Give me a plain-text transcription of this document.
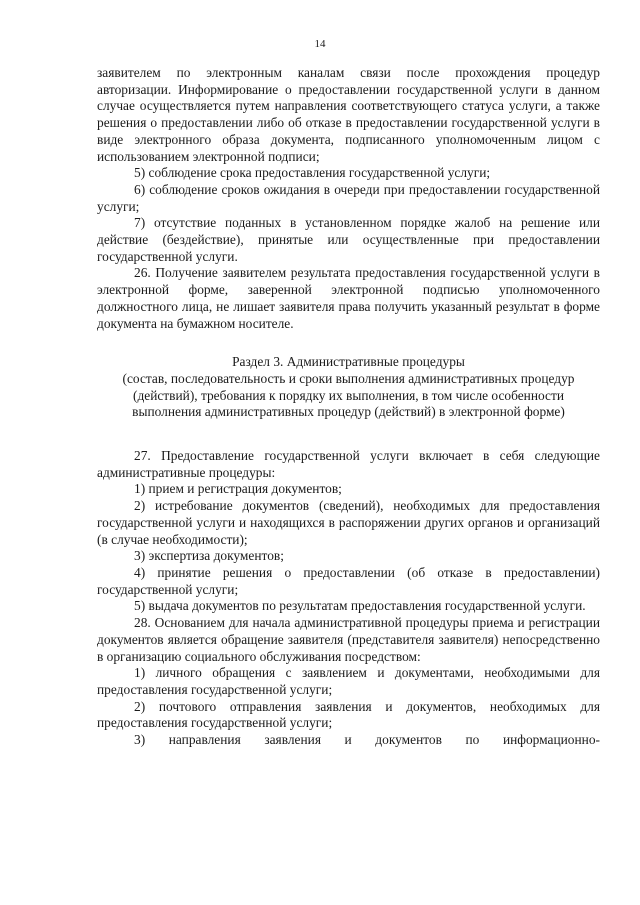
14

заявителем по электронным каналам связи после прохождения процедур
авторизации. Информирование о предоставлении государственной услуги в данном случае осуществляется путем направления соответствующего статуса услуги, а также решения о предоставлении либо об отказе в предоставлении государственной услуги в виде электронного образа документа, подписанного уполномоченным лицом с использованием электронной подписи;

5) соблюдение срока предоставления государственной услуги;

6) соблюдение сроков ожидания в очереди при предоставлении государственной услуги;

7) отсутствие поданных в установленном порядке жалоб на решение или действие (бездействие), принятые или осуществленные при предоставлении государственной услуги.

26. Получение заявителем результата предоставления государственной услуги в электронной форме, заверенной электронной подписью уполномоченного должностного лица, не лишает заявителя права получить указанный результат в форме документа на бумажном носителе.

Раздел 3. Административные процедуры
(состав, последовательность и сроки выполнения административных процедур (действий), требования к порядку их выполнения, в том числе особенности выполнения административных процедур (действий) в электронной форме)

27. Предоставление государственной услуги включает в себя следующие административные процедуры:

1) прием и регистрация документов;

2) истребование документов (сведений), необходимых для предоставления государственной услуги и находящихся в распоряжении других органов и организаций (в случае необходимости);

3) экспертиза документов;

4) принятие решения о предоставлении (об отказе в предоставлении) государственной услуги;

5) выдача документов по результатам предоставления государственной услуги.

28. Основанием для начала административной процедуры приема и регистрации документов является обращение заявителя (представителя заявителя) непосредственно в организацию социального обслуживания посредством:

1) личного обращения с заявлением и документами, необходимыми для предоставления государственной услуги;

2) почтового отправления заявления и документов, необходимых для предоставления государственной услуги;

3) направления заявления и документов по информационно-
